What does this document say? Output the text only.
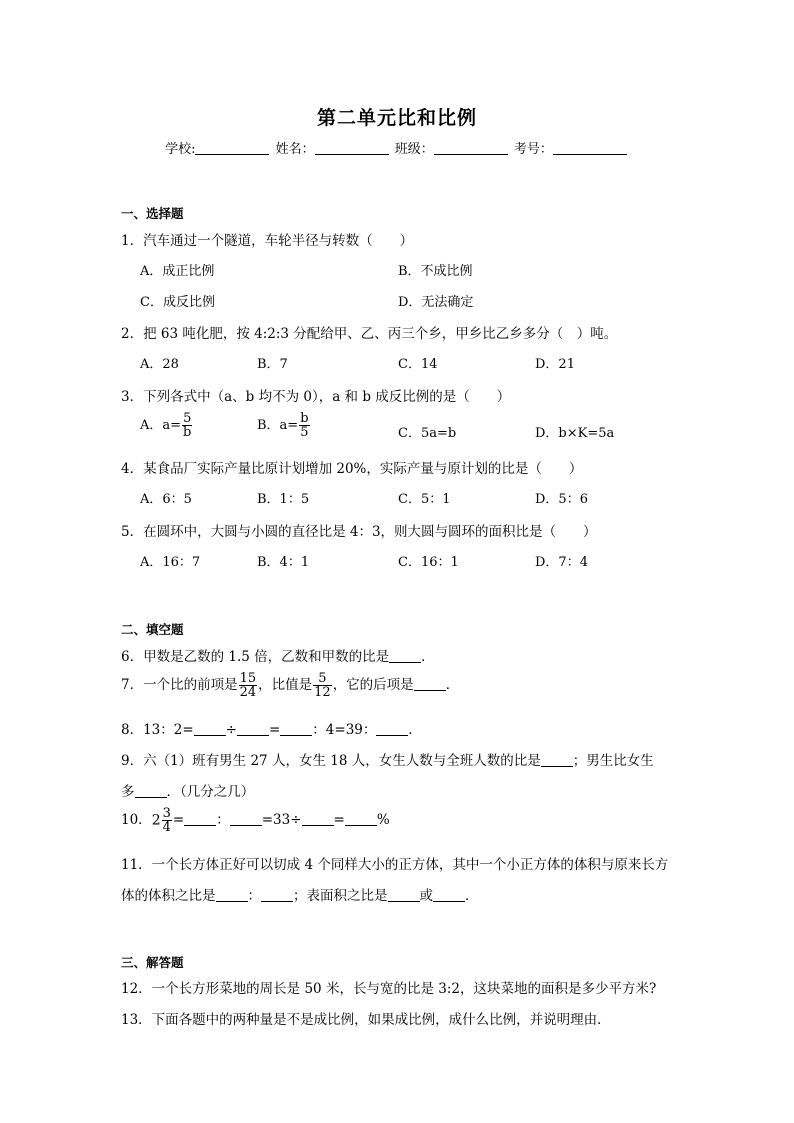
第二单元比和比例
学校:	姓名：	班级：	考号：
一、选择题
1．汽车通过一个隧道，车轮半径与转数（　　）
A．成正比例	B．不成比例
C．成反比例	D．无法确定
2．把 63 吨化肥，按 4:2:3 分配给甲、乙、丙三个乡，甲乡比乙乡多分（　）吨。
A．28	B．7	C．14	D．21
3．下列各式中（a、b 均不为 0），a 和 b 成反比例的是（　　）
A．$a= \frac{5}{b}$	B．$a= \frac{b}{5}$	C．5a=b	D．b×K=5a
4．某食品厂实际产量比原计划增加 20%，实际产量与原计划的比是（　　）
A．6：5	B．1：5	C．5：1	D．5：6
5．在圆环中，大圆与小圆的直径比是 4：3，则大圆与圆环的面积比是（　　）
A．16：7	B．4：1	C．16：1	D．7：4
二、填空题
6．甲数是乙数的 1.5 倍，乙数和甲数的比是 ．
7．一个比的前项是 $\frac{15}{24}$ ，比值是 $\frac{5}{12}$ ，它的后项是 ．
8．13：2= ÷ = ：4=39： ．
9．六（1）班有男生 27 人，女生 18 人，女生人数与全班人数的比是 ；男生比女生
多 ．（几分之几）
10．$2 \frac{3}{4}$ = ： =33÷ = %
11．一个长方体正好可以切成 4 个同样大小的正方体，其中一个小正方体的体积与原来长方
体的体积之比是 ： ；表面积之比是 或 ．
三、解答题
12．一个长方形菜地的周长是 50 米，长与宽的比是 3:2，这块菜地的面积是多少平方米?
13．下面各题中的两种量是不是成比例，如果成比例，成什么比例，并说明理由．
